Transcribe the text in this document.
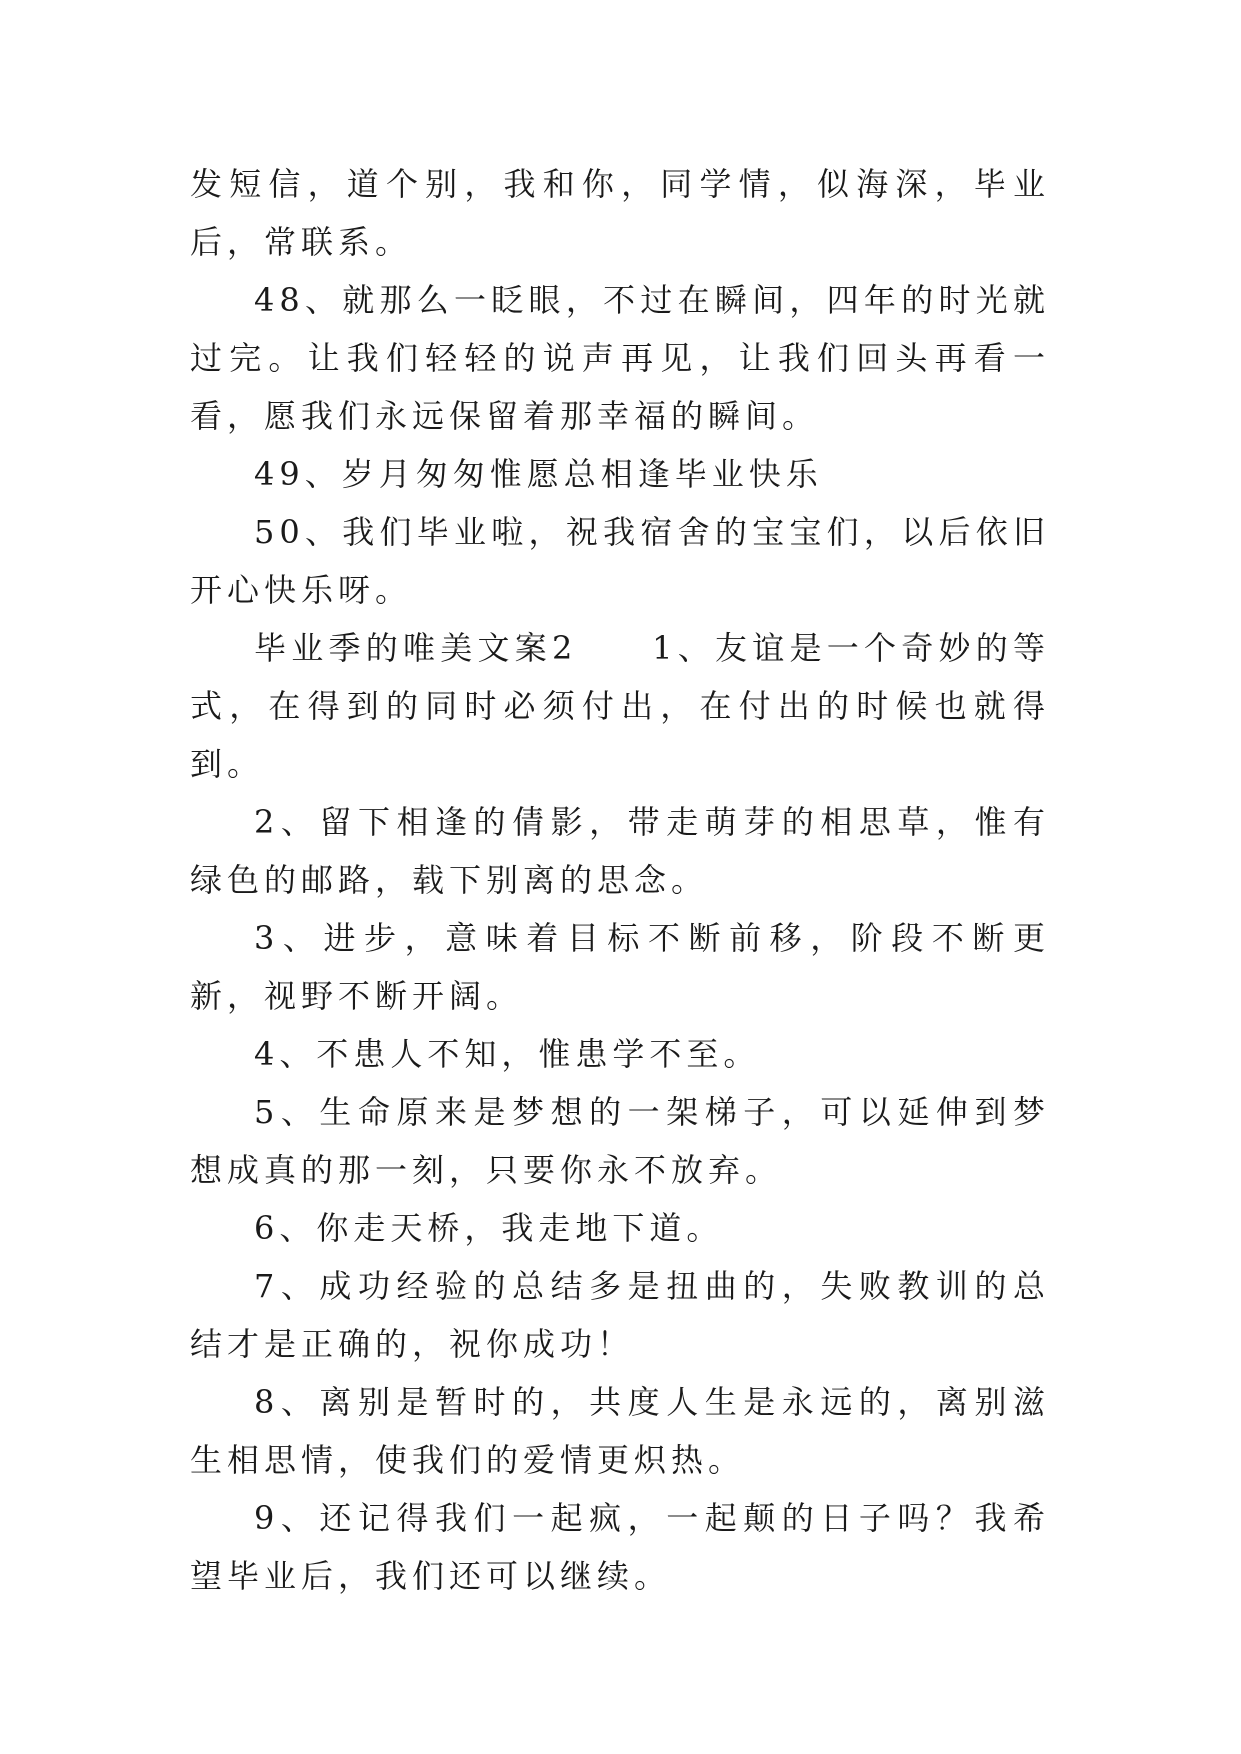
发短信，道个别，我和你，同学情，似海深，毕业后，常联系。

48、就那么一眨眼，不过在瞬间，四年的时光就过完。让我们轻轻的说声再见，让我们回头再看一看，愿我们永远保留着那幸福的瞬间。

49、岁月匆匆惟愿总相逢毕业快乐

50、我们毕业啦，祝我宿舍的宝宝们，以后依旧开心快乐呀。

毕业季的唯美文案2　　1、友谊是一个奇妙的等式，在得到的同时必须付出，在付出的时候也就得到。

2、留下相逢的倩影，带走萌芽的相思草，惟有绿色的邮路，载下别离的思念。

3、进步，意味着目标不断前移，阶段不断更新，视野不断开阔。

4、不患人不知，惟患学不至。

5、生命原来是梦想的一架梯子，可以延伸到梦想成真的那一刻，只要你永不放弃。

6、你走天桥，我走地下道。

7、成功经验的总结多是扭曲的，失败教训的总结才是正确的，祝你成功！

8、离别是暂时的，共度人生是永远的，离别滋生相思情，使我们的爱情更炽热。

9、还记得我们一起疯，一起颠的日子吗？我希望毕业后，我们还可以继续。
